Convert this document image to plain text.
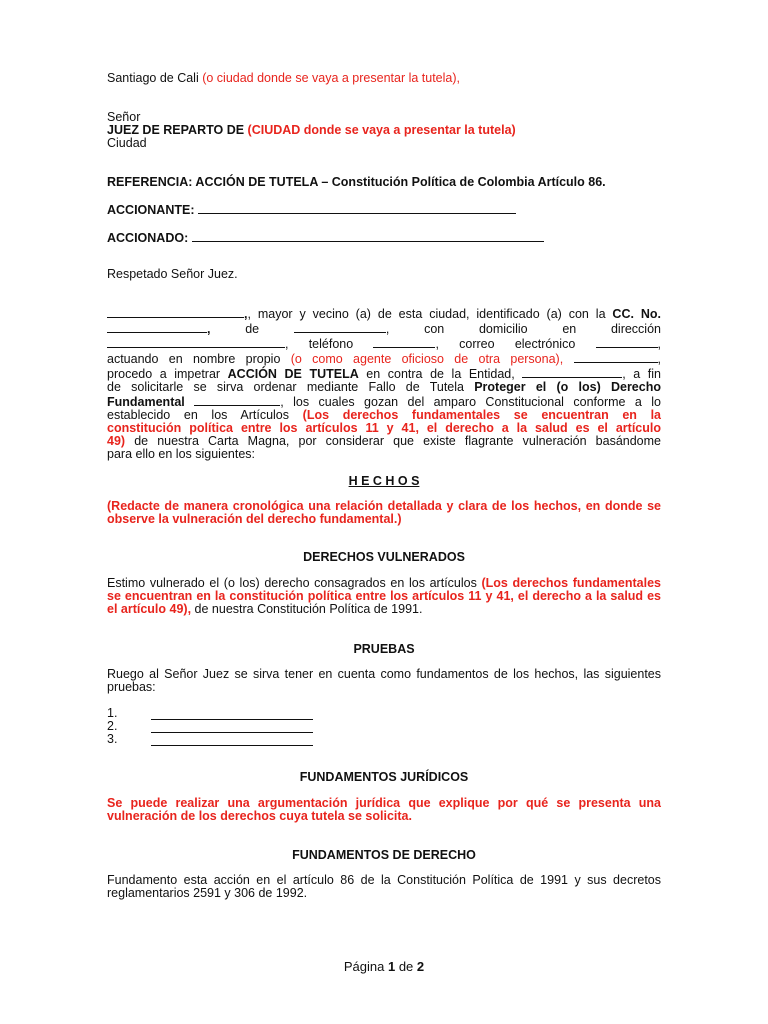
Santiago de Cali (o ciudad donde se vaya a presentar la tutela),

Señor

JUEZ DE REPARTO DE (CIUDAD donde se vaya a presentar la tutela)

Ciudad

REFERENCIA: ACCIÓN DE TUTELA – Constitución Política de Colombia Artículo 86.

ACCIONANTE:

ACCIONADO:

Respetado Señor Juez.

,, mayor y vecino (a) de esta ciudad, identificado (a) con la CC. No.
,	de	, con	domicilio	en	dirección
, teléfono	, correo electrónico	,
actuando en nombre propio (o como agente oficioso de otra persona),	,
procedo a impetrar ACCIÓN DE TUTELA en contra de la Entidad,	, a fin
de solicitarle se sirva ordenar mediante Fallo de Tutela Proteger el (o los) Derecho
Fundamental	, los cuales gozan del amparo Constitucional conforme a lo
establecido en los Artículos (Los derechos fundamentales se encuentran en la
constitución política entre los artículos 11 y 41, el derecho a la salud es el artículo
49) de nuestra Carta Magna, por considerar que existe flagrante vulneración basándome
para ello en los siguientes:

H E C H O S

(Redacte de manera cronológica una relación detallada y clara de los hechos, en donde se observe la vulneración del derecho fundamental.)

DERECHOS VULNERADOS

Estimo vulnerado el (o los) derecho consagrados en los artículos (Los derechos fundamentales se encuentran en la constitución política entre los artículos 11 y 41, el derecho a la salud es el artículo 49), de nuestra Constitución Política de 1991.

PRUEBAS

Ruego al Señor Juez se sirva tener en cuenta como fundamentos de los hechos, las siguientes pruebas:

1.
2.
3.

FUNDAMENTOS JURÍDICOS

Se puede realizar una argumentación jurídica que explique por qué se presenta una vulneración de los derechos cuya tutela se solicita.

FUNDAMENTOS DE DERECHO

Fundamento esta acción en el artículo 86 de la Constitución Política de 1991 y sus decretos reglamentarios 2591 y 306 de 1992.

Página 1 de 2
